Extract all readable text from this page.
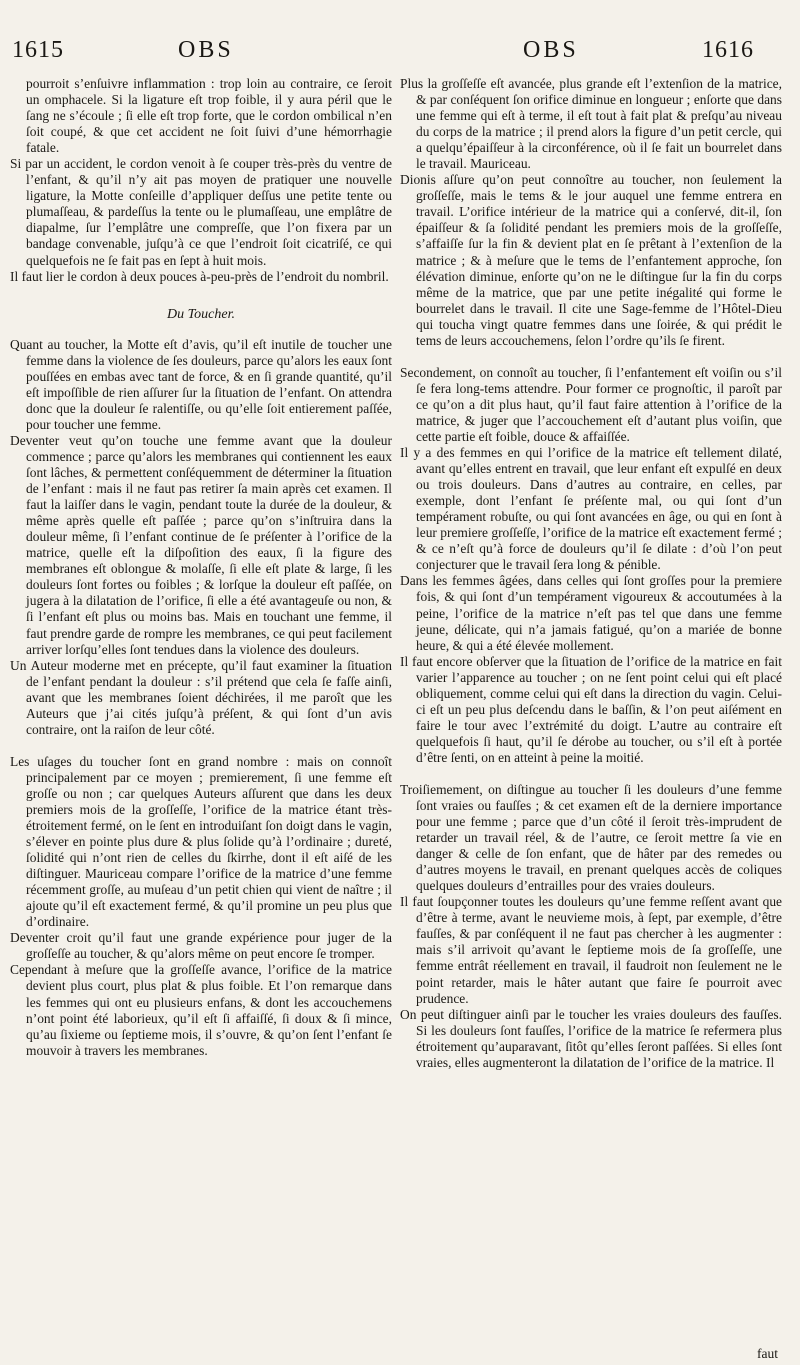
1615	OBS	OBS	1616

pourroit s’enſuivre inflammation : trop loin au contraire, ce ſeroit un omphacele. Si la ligature eſt trop foible, il y aura péril que le ſang ne s’écoule ; ſi elle eſt trop forte, que le cordon ombilical n’en ſoit coupé, & que cet accident ne ſoit ſuivi d’une hémorrhagie fatale.

Si par un accident, le cordon venoit à ſe couper très-près du ventre de l’enfant, & qu’il n’y ait pas moyen de pratiquer une nouvelle ligature, la Motte conſeille d’appliquer deſſus une petite tente ou plumaſſeau, & pardeſſus la tente ou le plumaſſeau, une emplâtre de diapalme, ſur l’emplâtre une compreſſe, que l’on fixera par un bandage convenable, juſqu’à ce que l’endroit ſoit cicatriſé, ce qui quelquefois ne ſe fait pas en ſept à huit mois.

Il faut lier le cordon à deux pouces à-peu-près de l’endroit du nombril.

Du Toucher.

Quant au toucher, la Motte eſt d’avis, qu’il eſt inutile de toucher une femme dans la violence de ſes douleurs, parce qu’alors les eaux ſont pouſſées en embas avec tant de force, & en ſi grande quantité, qu’il eſt impoſſible de rien aſſurer ſur la ſituation de l’enfant. On attendra donc que la douleur ſe ralentiſſe, ou qu’elle ſoit entierement paſſée, pour toucher une femme.

Deventer veut qu’on touche une femme avant que la douleur commence ; parce qu’alors les membranes qui contiennent les eaux ſont lâches, & permettent conſéquemment de déterminer la ſituation de l’enfant : mais il ne faut pas retirer ſa main après cet examen. Il faut la laiſſer dans le vagin, pendant toute la durée de la douleur, & même après quelle eſt paſſée ; parce qu’on s’inſtruira dans la douleur même, ſi l’enfant continue de ſe préſenter à l’orifice de la matrice, quelle eſt la diſpoſition des eaux, ſi la figure des membranes eſt oblongue & molaſſe, ſi elle eſt plate & large, ſi les douleurs ſont fortes ou foibles ; & lorſque la douleur eſt paſſée, on jugera à la dilatation de l’orifice, ſi elle a été avantageuſe ou non, & ſi l’enfant eſt plus ou moins bas. Mais en touchant une femme, il faut prendre garde de rompre les membranes, ce qui peut facilement arriver lorſqu’elles ſont tendues dans la violence des douleurs.

Un Auteur moderne met en précepte, qu’il faut examiner la ſituation de l’enfant pendant la douleur : s’il prétend que cela ſe faſſe ainſi, avant que les membranes ſoient déchirées, il me paroît que les Auteurs que j’ai cités juſqu’à préſent, & qui ſont d’un avis contraire, ont la raiſon de leur côté.

Les uſages du toucher ſont en grand nombre : mais on connoît principalement par ce moyen ; premierement, ſi une femme eſt groſſe ou non ; car quelques Auteurs aſſurent que dans les deux premiers mois de la groſſeſſe, l’orifice de la matrice étant très-étroitement fermé, on le ſent en introduiſant ſon doigt dans le vagin, s’élever en pointe plus dure & plus ſolide qu’à l’ordinaire ; dureté, ſolidité qui n’ont rien de celles du ſkirrhe, dont il eſt aiſé de les diſtinguer. Mauriceau compare l’orifice de la matrice d’une femme récemment groſſe, au muſeau d’un petit chien qui vient de naître ; il ajoute qu’il eſt exactement fermé, & qu’il promine un peu plus que d’ordinaire.

Deventer croit qu’il faut une grande expérience pour juger de la groſſeſſe au toucher, & qu’alors même on peut encore ſe tromper.

Cependant à meſure que la groſſeſſe avance, l’orifice de la matrice devient plus court, plus plat & plus foible. Et l’on remarque dans les femmes qui ont eu plusieurs enfans, & dont les accouchemens n’ont point été laborieux, qu’il eſt ſi affaiſſé, ſi doux & ſi mince, qu’au ſixieme ou ſeptieme mois, il s’ouvre, & qu’on ſent l’enfant ſe mouvoir à travers les membranes.

Plus la groſſeſſe eſt avancée, plus grande eſt l’extenſion de la matrice, & par conſéquent ſon orifice diminue en longueur ; enſorte que dans une femme qui eſt à terme, il eſt tout à fait plat & preſqu’au niveau du corps de la matrice ; il prend alors la figure d’un petit cercle, qui a quelqu’épaiſſeur à la circonférence, où il ſe fait un bourrelet dans le travail. Mauriceau.

Dionis aſſure qu’on peut connoître au toucher, non ſeulement la groſſeſſe, mais le tems & le jour auquel une femme entrera en travail. L’orifice intérieur de la matrice qui a conſervé, dit-il, ſon épaiſſeur & ſa ſolidité pendant les premiers mois de la groſſeſſe, s’affaiſſe ſur la fin & devient plat en ſe prêtant à l’extenſion de la matrice ; & à meſure que le tems de l’enfantement approche, ſon élévation diminue, enſorte qu’on ne le diſtingue ſur la fin du corps même de la matrice, que par une petite inégalité qui forme le bourrelet dans le travail. Il cite une Sage-femme de l’Hôtel-Dieu qui toucha vingt quatre femmes dans une ſoirée, & qui prédit le tems de leurs accouchemens, ſelon l’ordre qu’ils ſe firent.

Secondement, on connoît au toucher, ſi l’enfantement eſt voiſin ou s’il ſe fera long-tems attendre. Pour former ce prognoſtic, il paroît par ce qu’on a dit plus haut, qu’il faut faire attention à l’orifice de la matrice, & juger que l’accouchement eſt d’autant plus voiſin, que cette partie eſt foible, douce & affaiſſée.

Il y a des femmes en qui l’orifice de la matrice eſt tellement dilaté, avant qu’elles entrent en travail, que leur enfant eſt expulſé en deux ou trois douleurs. Dans d’autres au contraire, en celles, par exemple, dont l’enfant ſe préſente mal, ou qui ſont d’un tempérament robuſte, ou qui ſont avancées en âge, ou qui en ſont à leur premiere groſſeſſe, l’orifice de la matrice eſt exactement fermé ; & ce n’eſt qu’à force de douleurs qu’il ſe dilate : d’où l’on peut conjecturer que le travail ſera long & pénible.

Dans les femmes âgées, dans celles qui ſont groſſes pour la premiere fois, & qui ſont d’un tempérament vigoureux & accoutumées à la peine, l’orifice de la matrice n’eſt pas tel que dans une femme jeune, délicate, qui n’a jamais fatigué, qu’on a mariée de bonne heure, & qui a été élevée mollement.

Il faut encore obſerver que la ſituation de l’orifice de la matrice en fait varier l’apparence au toucher ; on ne ſent point celui qui eſt placé obliquement, comme celui qui eſt dans la direction du vagin. Celui-ci eſt un peu plus deſcendu dans le baſſin, & l’on peut aiſément en faire le tour avec l’extrémité du doigt. L’autre au contraire eſt quelquefois ſi haut, qu’il ſe dérobe au toucher, ou s’il eſt à portée d’être ſenti, on en atteint à peine la moitié.

Troiſiemement, on diſtingue au toucher ſi les douleurs d’une femme ſont vraies ou fauſſes ; & cet examen eſt de la derniere importance pour une femme ; parce que d’un côté il ſeroit très-imprudent de retarder un travail réel, & de l’autre, ce ſeroit mettre ſa vie en danger & celle de ſon enfant, que de hâter par des remedes ou d’autres moyens le travail, en prenant quelques accès de coliques quelques douleurs d’entrailles pour des vraies douleurs.

Il faut ſoupçonner toutes les douleurs qu’une femme reſſent avant que d’être à terme, avant le neuvieme mois, à ſept, par exemple, d’être fauſſes, & par conſéquent il ne faut pas chercher à les augmenter : mais s’il arrivoit qu’avant le ſeptieme mois de ſa groſſeſſe, une femme entrât réellement en travail, il faudroit non ſeulement ne le point retarder, mais le hâter autant que faire ſe pourroit avec prudence.

On peut diſtinguer ainſi par le toucher les vraies douleurs des fauſſes. Si les douleurs ſont fauſſes, l’orifice de la matrice ſe refermera plus étroitement qu’auparavant, ſitôt qu’elles ſeront paſſées. Si elles ſont vraies, elles augmenteront la dilatation de l’orifice de la matrice. Il

faut
